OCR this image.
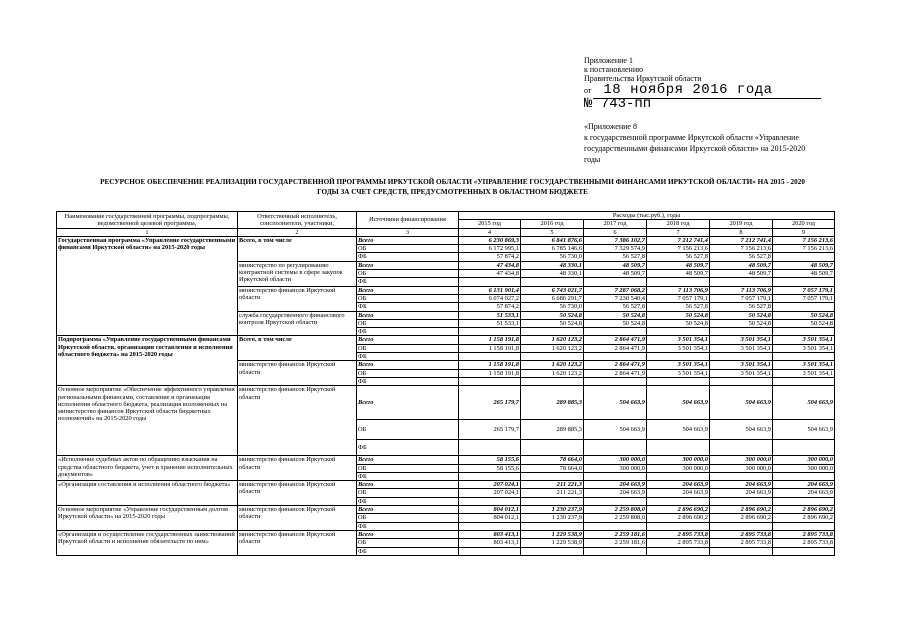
Приложение 1
к постановлению
Правительства Иркутской области
от 18 ноября 2016 года
№ 743-пп
«Приложение 8
к государственной программе Иркутской области «Управление
государственными финансами Иркутской области» на 2015-2020
годы
РЕСУРСНОЕ ОБЕСПЕЧЕНИЕ РЕАЛИЗАЦИИ ГОСУДАРСТВЕННОЙ ПРОГРАММЫ ИРКУТСКОЙ ОБЛАСТИ «УПРАВЛЕНИЕ ГОСУДАРСТВЕННЫМИ ФИНАНСАМИ ИРКУТСКОЙ ОБЛАСТИ» НА 2015 - 2020
ГОДЫ ЗА СЧЕТ СРЕДСТВ, ПРЕДУСМОТРЕННЫХ В ОБЛАСТНОМ БЮДЖЕТЕ
Наименование государственной программы, подпрограммы, ведомственной целевой программы,	Ответственный исполнитель, соисполнители, участники,	Источники финансирования	Расходы (тыс.руб.), годы					
			2015 год	2016 год	2017 год	2018 год	2019 год	2020 год
1	2	3	4	5	6	7	8	9
Государственная программа «Управление государственными финансами Иркутской области» на 2015-2020 годы	Всего, в том числе	Всего	6 230 869,3	6 841 876,6	7 386 102,7	7 212 741,4	7 212 741,4	7 156 213,6
		ОБ	6 172 995,1	6 785 146,6	7 329 574,9	7 156 213,6	7 156 213,6	7 156 213,6
		ФБ	57 874,2	56 730,0	56 527,8	56 527,8	56 527,8	
	министерство по регулированию контрактной системы в сфере закупок Иркутской области	Всего	47 434,8	48 330,1	48 509,7	48 509,7	48 509,7	48 509,7
		ОБ	47 434,8	48 330,1	48 509,7	48 509,7	48 509,7	48 509,7
		ФБ						
	министерство финансов Иркутской области	Всего	6 131 901,4	6 743 021,7	7 287 068,2	7 113 706,9	7 113 706,9	7 057 179,1
		ОБ	6 074 027,2	6 686 291,7	7 230 540,4	7 057 179,1	7 057 179,1	7 057 179,1
		ФБ	57 874,2	56 730,0	56 527,8	56 527,8	56 527,8	
	служба государственного финансового контроля Иркутской области	Всего	51 533,1	50 524,8	50 524,8	50 524,8	50 524,8	50 524,8
		ОБ	51 533,1	50 524,8	50 524,8	50 524,8	50 524,8	50 524,8
		ФБ						
Подпрограмма «Управление государственными финансами Иркутской области, организация составления и исполнения областного бюджета» на 2015-2020 годы	Всего, в том числе	Всего	1 158 191,8	1 620 123,2	2 864 471,9	3 501 354,1	3 501 354,1	3 501 354,1
		ОБ	1 158 191,8	1 620 123,2	2 864 471,9	3 501 354,1	3 501 354,1	3 501 354,1
		ФБ						
	министерство финансов Иркутской области	Всего	1 158 191,8	1 620 123,2	2 864 471,9	3 501 354,1	3 501 354,1	3 501 354,1
		ОБ	1 158 191,8	1 620 123,2	2 864 471,9	3 501 354,1	3 501 354,1	3 501 354,1
		ФБ						
Основное мероприятие «Обеспечение эффективного управления региональными финансами, составление и организация исполнения областного бюджета, реализация возложенных на министерство финансов Иркутской области бюджетных полномочий» на 2015-2020 годы	министерство финансов Иркутской области	Всего	265 179,7	289 885,3	504 663,9	504 663,9	504 663,9	504 663,9
		ОБ	265 179,7	289 885,3	504 663,9	504 663,9	504 663,9	504 663,9
		ФБ						
«Исполнение судебных актов по обращению взыскания на средства областного бюджета, учет и хранение исполнительных документов»	министерство финансов Иркутской области	Всего	58 155,6	78 664,0	300 000,0	300 000,0	300 000,0	300 000,0
		ОБ	58 155,6	78 664,0	300 000,0	300 000,0	300 000,0	300 000,0
		ФБ						
«Организация составления и исполнения областного бюджета»	министерство финансов Иркутской области	Всего	207 024,1	211 221,3	204 663,9	204 663,9	204 663,9	204 663,9
		ОБ	207 024,1	211 221,3	204 663,9	204 663,9	204 663,9	204 663,9
		ФБ						
Основное мероприятие «Управление государственным долгом Иркутской области» на 2015-2020 годы	министерство финансов Иркутской области	Всего	804 012,1	1 230 237,9	2 259 808,0	2 896 690,2	2 896 690,2	2 896 690,2
		ОБ	804 012,1	1 230 237,9	2 259 808,0	2 896 690,2	2 896 690,2	2 896 690,2
		ФБ						
«Организация и осуществление государственных заимствований Иркутской области и исполнение обязательств по ним»	министерство финансов Иркутской области	Всего	803 413,1	1 229 538,9	2 259 181,6	2 895 733,8	2 895 733,8	2 895 733,8
		ОБ	803 413,1	1 229 538,9	2 259 181,6	2 895 733,8	2 895 733,8	2 895 733,8
		ФБ						
